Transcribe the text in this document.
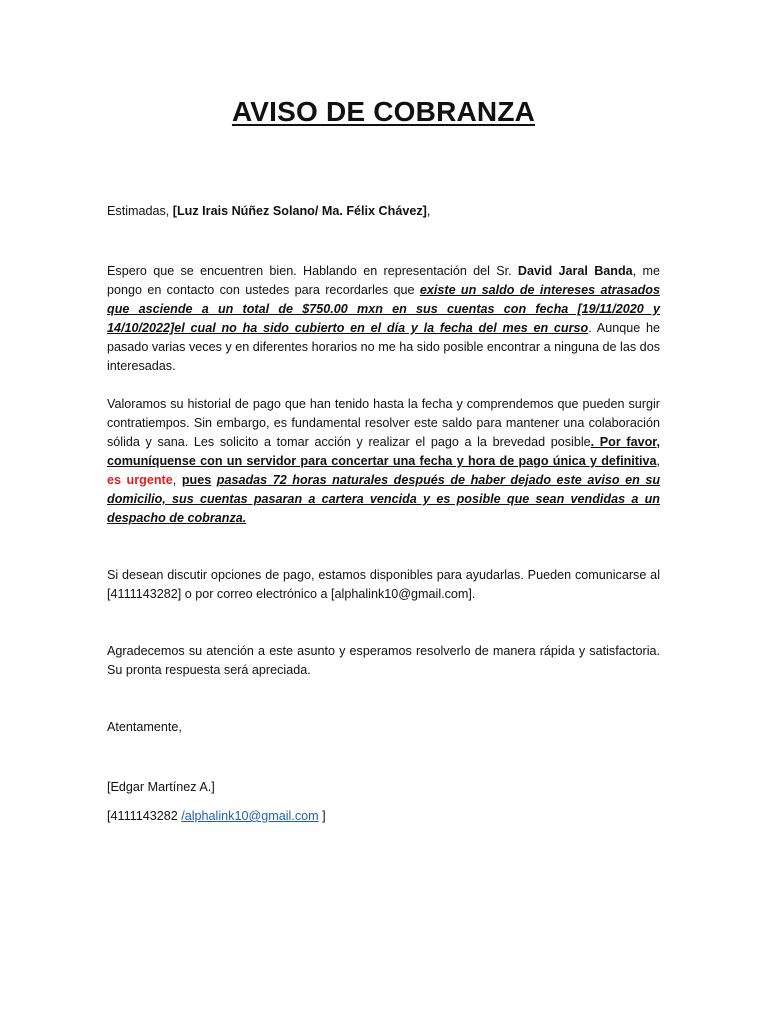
AVISO DE COBRANZA

Estimadas, [Luz Irais Núñez Solano/ Ma. Félix Chávez],

Espero que se encuentren bien. Hablando en representación del Sr. David Jaral Banda, me pongo en contacto con ustedes para recordarles que existe un saldo de intereses atrasados que asciende a un total de $750.00 mxn en sus cuentas con fecha [19/11/2020 y 14/10/2022]el cual no ha sido cubierto en el día y la fecha del mes en curso. Aunque he pasado varias veces y en diferentes horarios no me ha sido posible encontrar a ninguna de las dos interesadas.

Valoramos su historial de pago que han tenido hasta la fecha y comprendemos que pueden surgir contratiempos. Sin embargo, es fundamental resolver este saldo para mantener una colaboración sólida y sana. Les solicito a tomar acción y realizar el pago a la brevedad posible. Por favor, comuníquense con un servidor para concertar una fecha y hora de pago única y definitiva, es urgente, pues pasadas 72 horas naturales después de haber dejado este aviso en su domicilio, sus cuentas pasaran a cartera vencida y es posible que sean vendidas a un despacho de cobranza.

Si desean discutir opciones de pago, estamos disponibles para ayudarlas. Pueden comunicarse al [4111143282] o por correo electrónico a [alphalink10@gmail.com].

Agradecemos su atención a este asunto y esperamos resolverlo de manera rápida y satisfactoria. Su pronta respuesta será apreciada.

Atentamente,

[Edgar Martínez A.]

[4111143282 /alphalink10@gmail.com ]
